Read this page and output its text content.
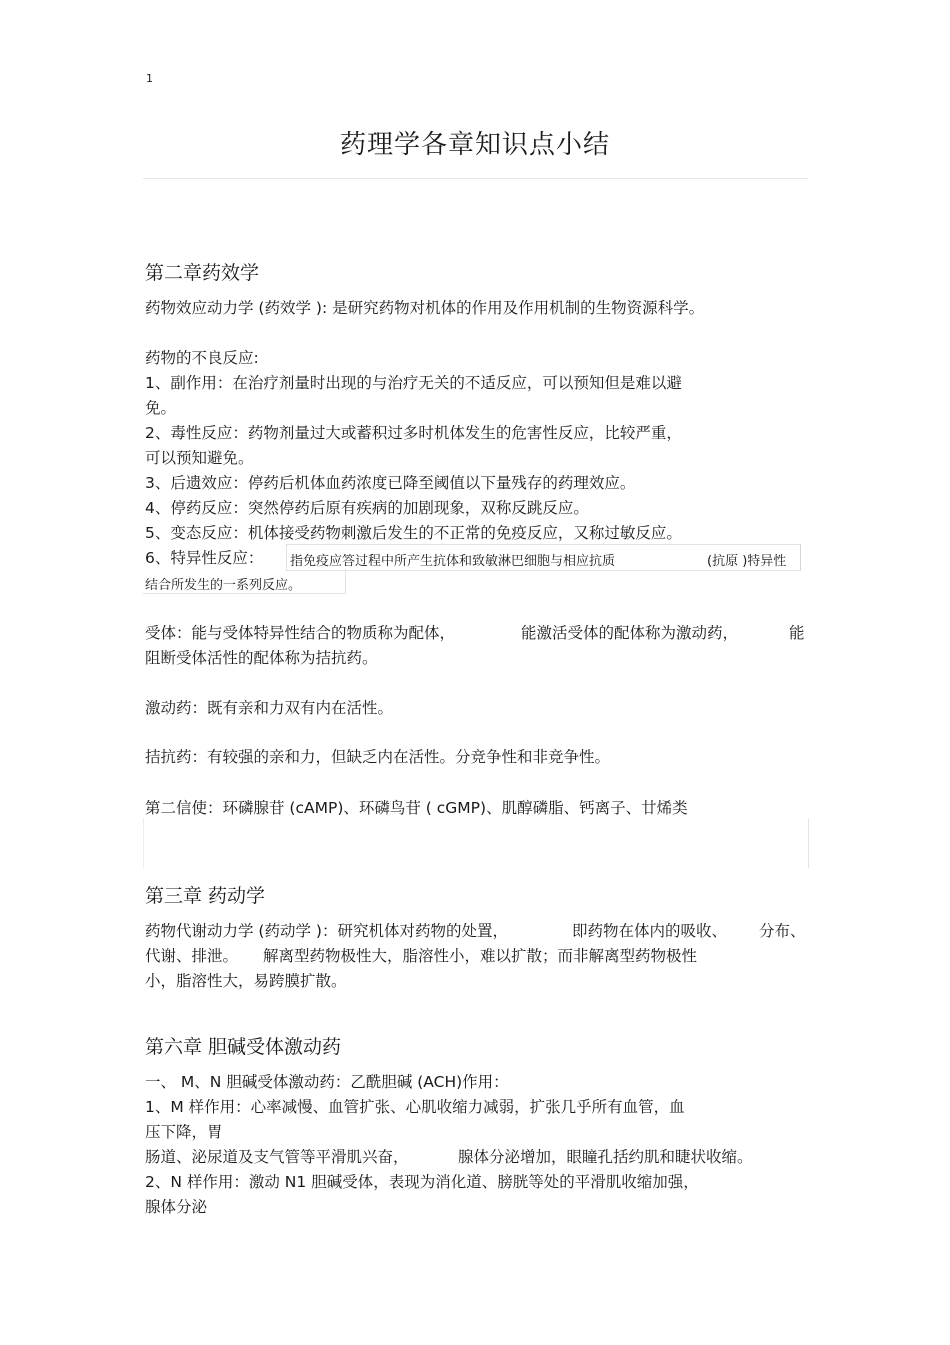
1
药理学各章知识点小结
第二章药效学
药物效应动力学 (药效学 ): 是研究药物对机体的作用及作用机制的生物资源科学。
药物的不良反应:
1、副作用：在治疗剂量时出现的与治疗无关的不适反应，可以预知但是难以避
免。
2、毒性反应：药物剂量过大或蓄积过多时机体发生的危害性反应，比较严重，
可以预知避免。
3、后遗效应：停药后机体血药浓度已降至阈值以下量残存的药理效应。
4、停药反应：突然停药后原有疾病的加剧现象，双称反跳反应。
5、变态反应：机体接受药物刺激后发生的不正常的免疫反应，又称过敏反应。
6、特异性反应： 指免疫应答过程中所产生抗体和致敏淋巴细胞与相应抗质	(抗原 )特异性
结合所发生的一系列反应。
受体：能与受体特异性结合的物质称为配体，	能激活受体的配体称为激动药，	能
阻断受体活性的配体称为拮抗药。
激动药：既有亲和力双有内在活性。
拮抗药：有较强的亲和力，但缺乏内在活性。分竞争性和非竞争性。
第二信使：环磷腺苷 (cAMP)、环磷鸟苷 ( cGMP)、肌醇磷脂、钙离子、廿烯类
第三章 药动学
药物代谢动力学 (药动学 )：研究机体对药物的处置，	即药物在体内的吸收、 分布、
代谢、排泄。 解离型药物极性大，脂溶性小，难以扩散；而非解离型药物极性
小，脂溶性大，易跨膜扩散。
第六章 胆碱受体激动药
一、 M、N 胆碱受体激动药：乙酰胆碱 (ACH)作用：
1、M 样作用：心率减慢、血管扩张、心肌收缩力减弱，扩张几乎所有血管，血
压下降，胃
肠道、泌尿道及支气管等平滑肌兴奋，	腺体分泌增加，眼瞳孔括约肌和睫状收缩。
2、N 样作用：激动 N1 胆碱受体，表现为消化道、膀胱等处的平滑肌收缩加强，
腺体分泌
